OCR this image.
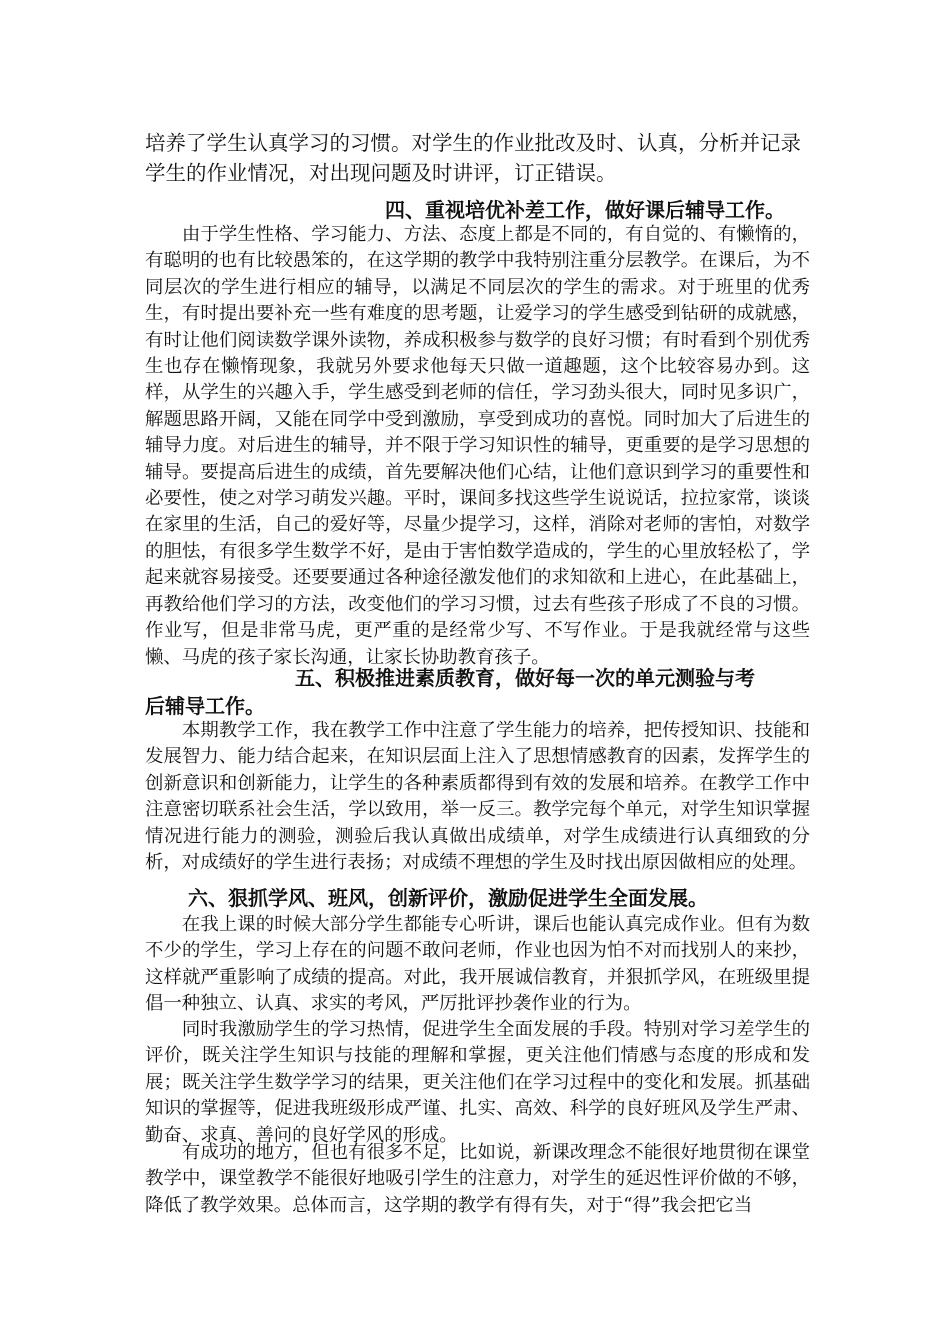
培养了学生认真学习的习惯。对学生的作业批改及时、认真，分析并记录学生的作业情况，对出现问题及时讲评，订正错误。
四、重视培优补差工作，做好课后辅导工作。
由于学生性格、学习能力、方法、态度上都是不同的，有自觉的、有懒惰的，有聪明的也有比较愚笨的，在这学期的教学中我特别注重分层教学。在课后，为不同层次的学生进行相应的辅导，以满足不同层次的学生的需求。对于班里的优秀生，有时提出要补充一些有难度的思考题，让爱学习的学生感受到钻研的成就感，有时让他们阅读数学课外读物，养成积极参与数学的良好习惯；有时看到个别优秀生也存在懒惰现象，我就另外要求他每天只做一道趣题，这个比较容易办到。这样，从学生的兴趣入手，学生感受到老师的信任，学习劲头很大，同时见多识广，解题思路开阔，又能在同学中受到激励，享受到成功的喜悦。同时加大了后进生的辅导力度。对后进生的辅导，并不限于学习知识性的辅导，更重要的是学习思想的辅导。要提高后进生的成绩，首先要解决他们心结，让他们意识到学习的重要性和必要性，使之对学习萌发兴趣。平时，课间多找这些学生说说话，拉拉家常，谈谈在家里的生活，自己的爱好等，尽量少提学习，这样，消除对老师的害怕，对数学的胆怯，有很多学生数学不好，是由于害怕数学造成的，学生的心里放轻松了，学起来就容易接受。还要要通过各种途径激发他们的求知欲和上进心，在此基础上，再教给他们学习的方法，改变他们的学习习惯，过去有些孩子形成了不良的习惯。作业写，但是非常马虎，更严重的是经常少写、不写作业。于是我就经常与这些懒、马虎的孩子家长沟通，让家长协助教育孩子。
五、积极推进素质教育，做好每一次的单元测验与考
后辅导工作。
本期教学工作，我在教学工作中注意了学生能力的培养，把传授知识、技能和发展智力、能力结合起来，在知识层面上注入了思想情感教育的因素，发挥学生的创新意识和创新能力，让学生的各种素质都得到有效的发展和培养。在教学工作中注意密切联系社会生活，学以致用，举一反三。教学完每个单元，对学生知识掌握情况进行能力的测验，测验后我认真做出成绩单，对学生成绩进行认真细致的分析，对成绩好的学生进行表扬；对成绩不理想的学生及时找出原因做相应的处理。
六、狠抓学风、班风，创新评价，激励促进学生全面发展。
在我上课的时候大部分学生都能专心听讲，课后也能认真完成作业。但有为数不少的学生，学习上存在的问题不敢问老师，作业也因为怕不对而找别人的来抄，这样就严重影响了成绩的提高。对此，我开展诚信教育，并狠抓学风，在班级里提倡一种独立、认真、求实的考风，严厉批评抄袭作业的行为。
同时我激励学生的学习热情，促进学生全面发展的手段。特别对学习差学生的评价，既关注学生知识与技能的理解和掌握，更关注他们情感与态度的形成和发展；既关注学生数学学习的结果，更关注他们在学习过程中的变化和发展。抓基础知识的掌握等，促进我班级形成严谨、扎实、高效、科学的良好班风及学生严肃、勤奋、求真、善问的良好学风的形成。
有成功的地方，但也有很多不足，比如说，新课改理念不能很好地贯彻在课堂教学中，课堂教学不能很好地吸引学生的注意力，对学生的延迟性评价做的不够，降低了教学效果。总体而言，这学期的教学有得有失，对于“得”我会把它当
